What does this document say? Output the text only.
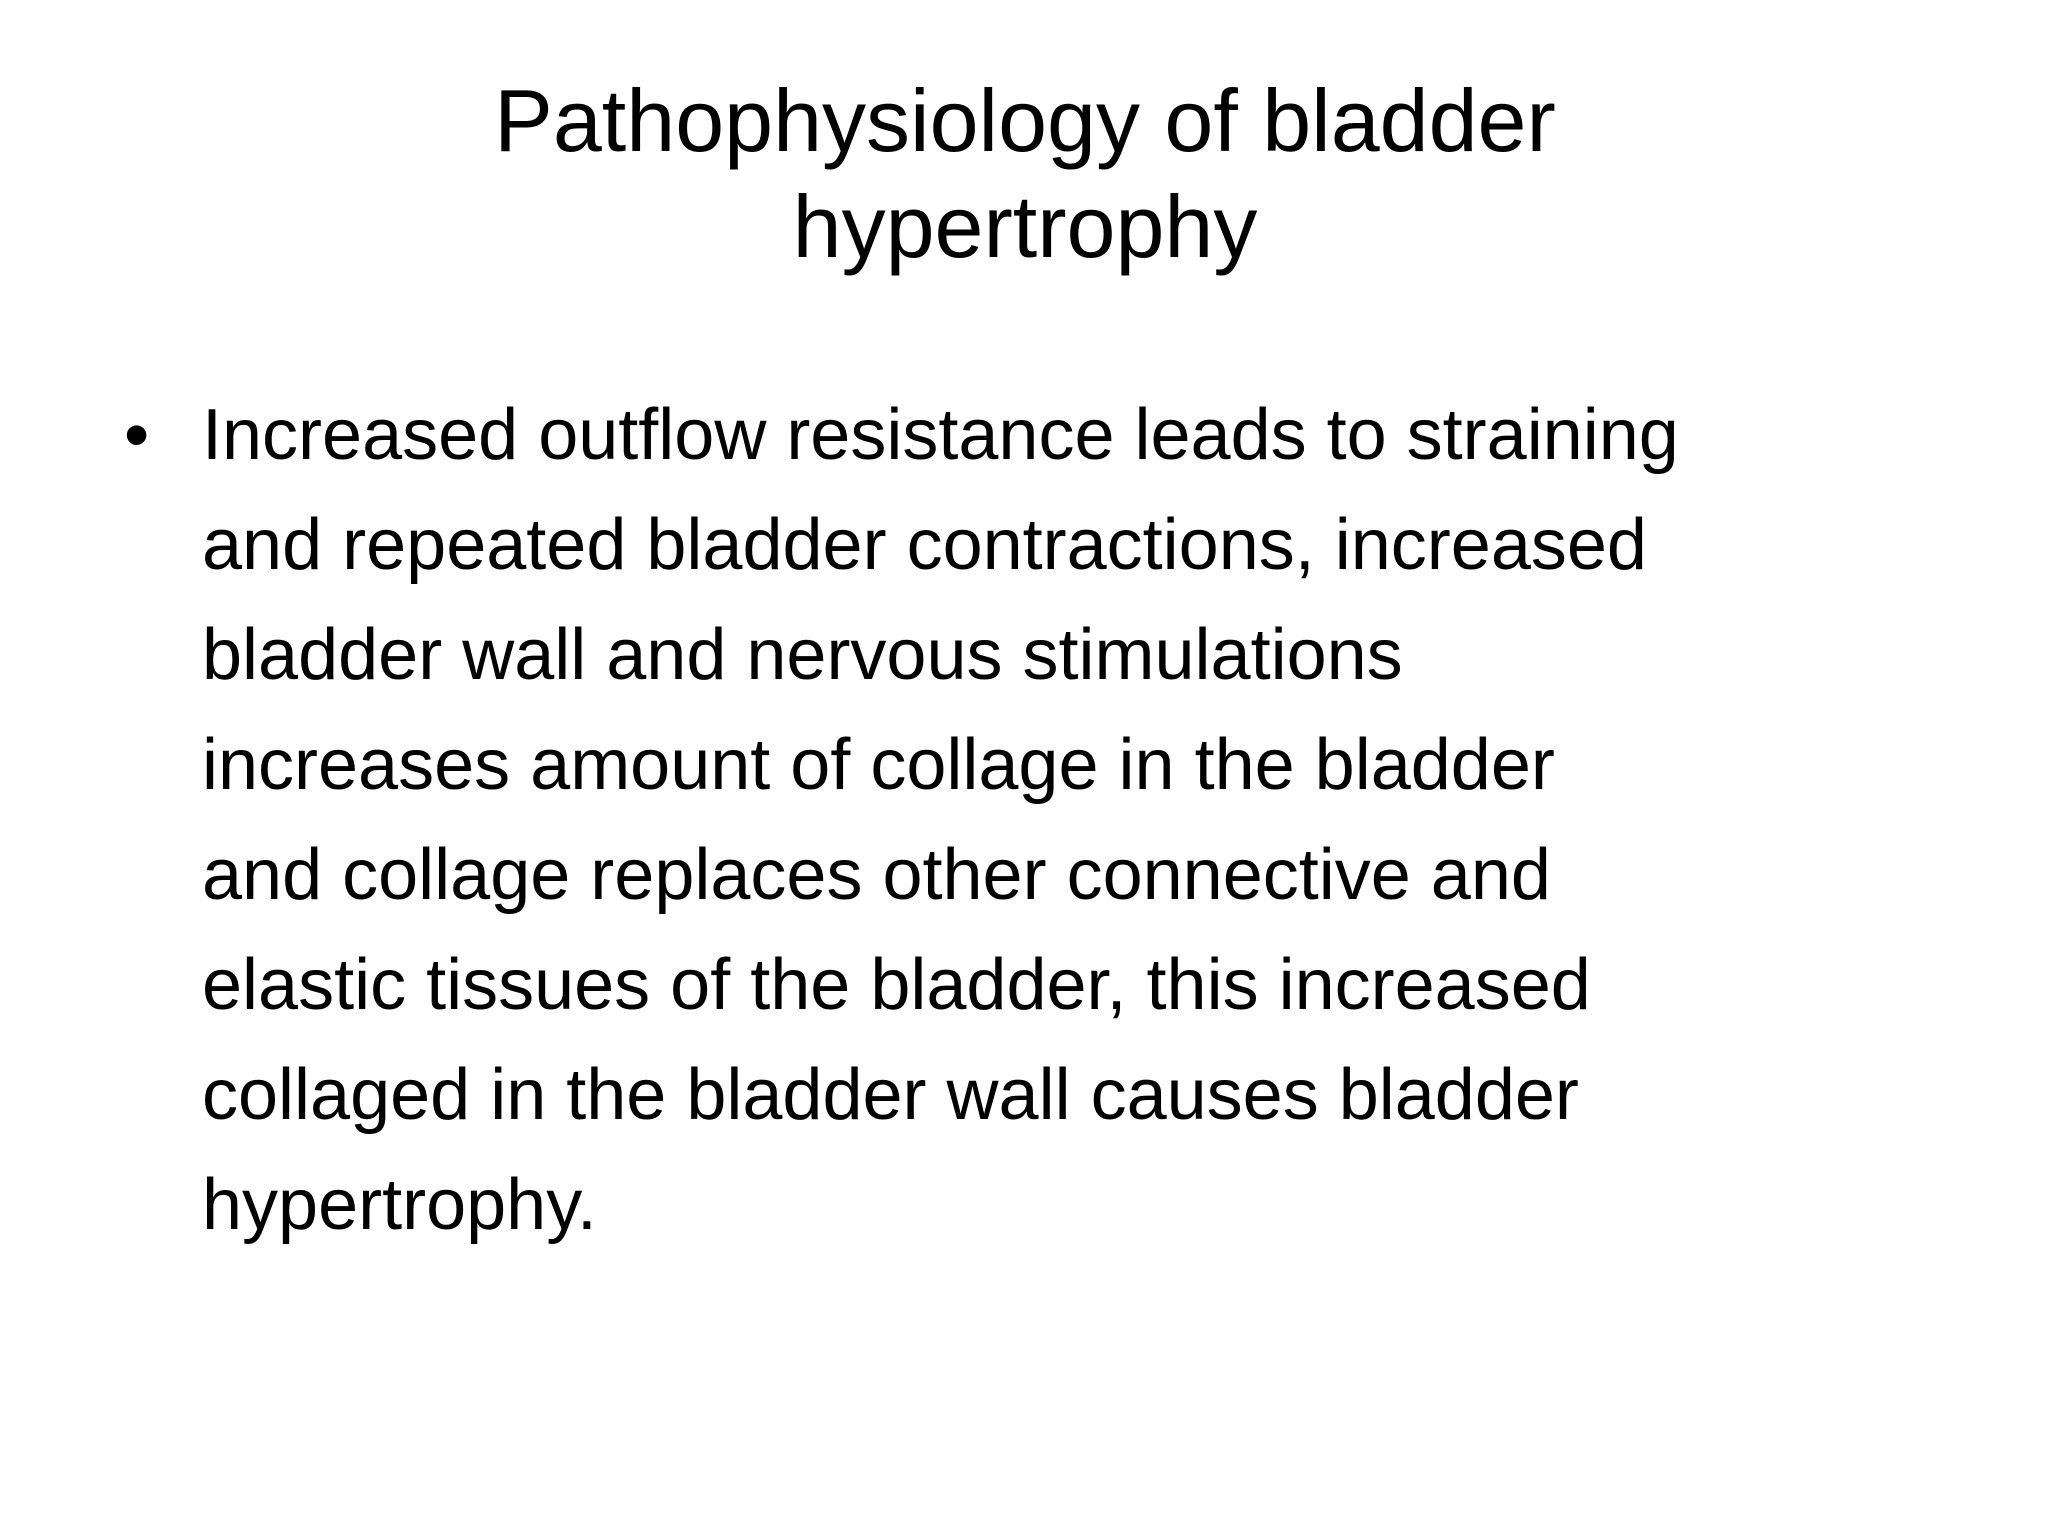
Pathophysiology of bladder
hypertrophy
• Increased outflow resistance leads to straining
and repeated bladder contractions, increased
bladder wall and nervous stimulations
increases amount of collage in the bladder
and collage replaces other connective and
elastic tissues of the bladder, this increased
collaged in the bladder wall causes bladder
hypertrophy.
